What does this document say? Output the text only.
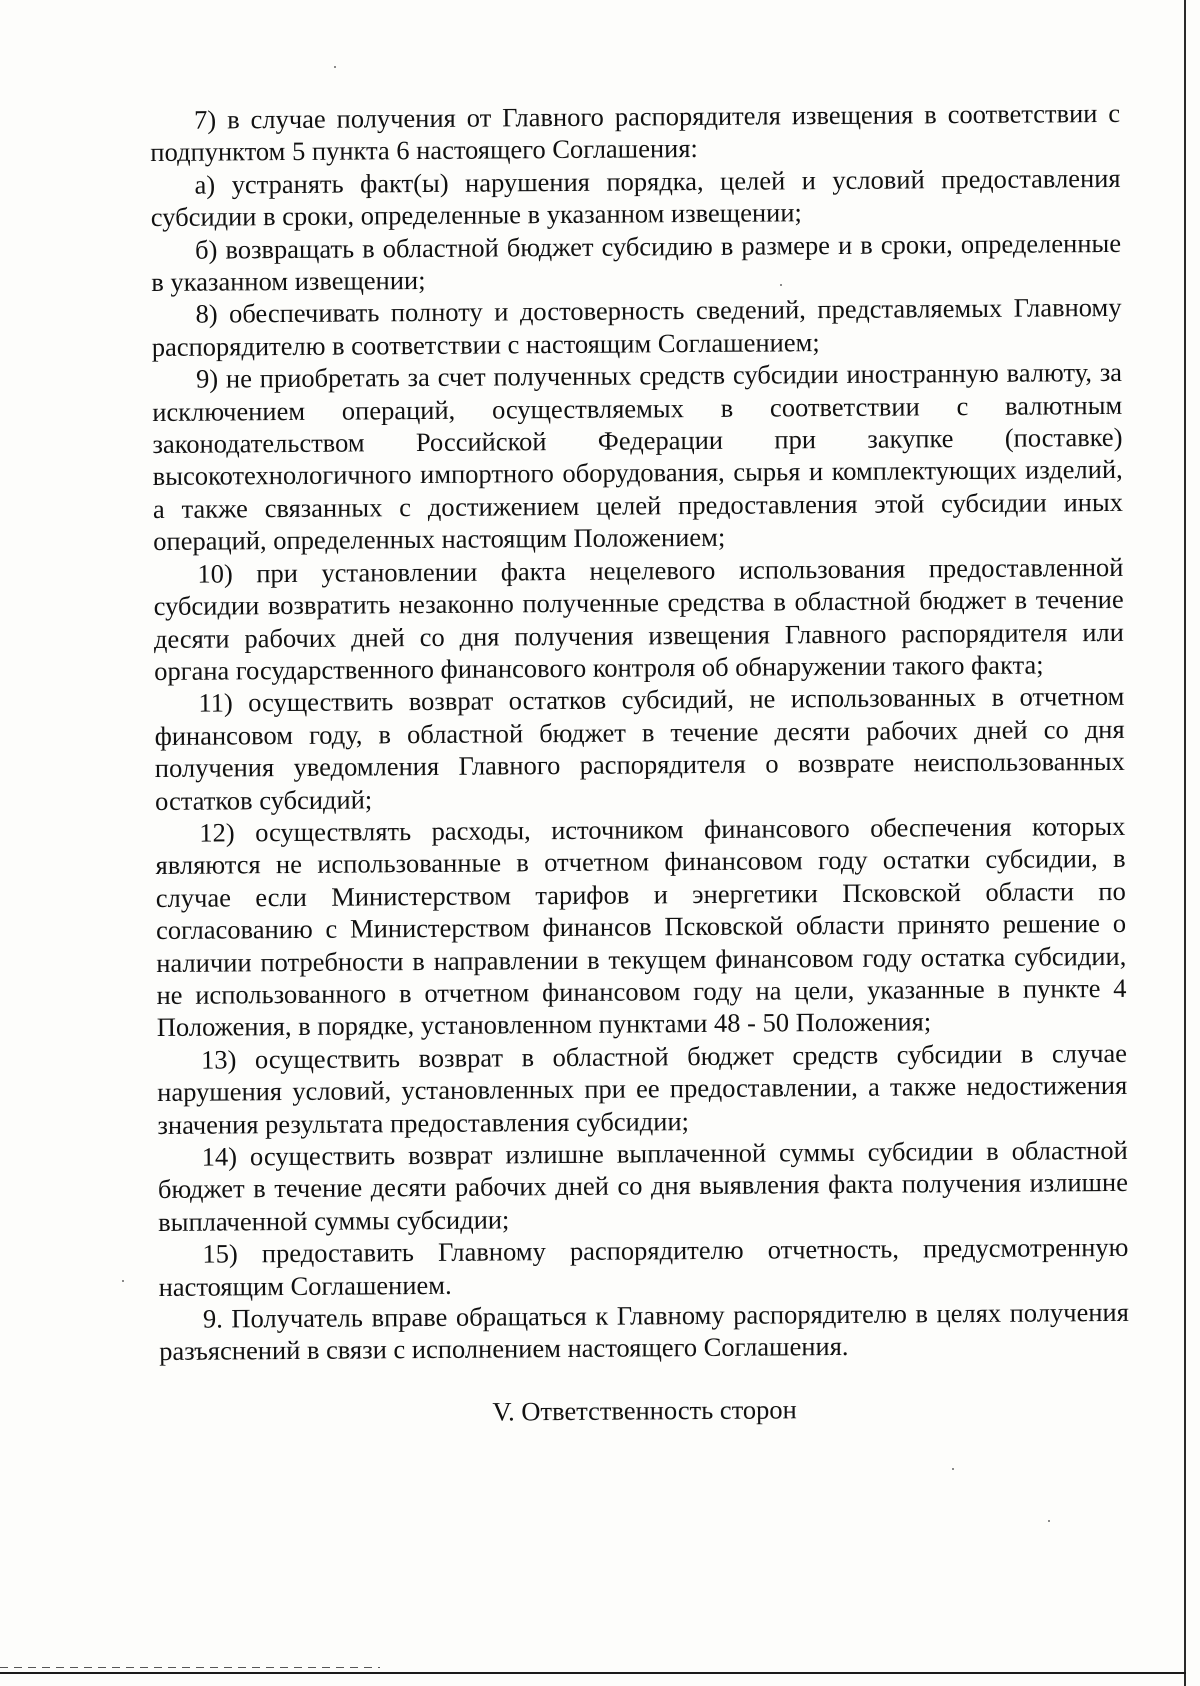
7) в случае получения от Главного распорядителя извещения в соответствии с подпунктом 5 пункта 6 настоящего Соглашения:

а) устранять факт(ы) нарушения порядка, целей и условий предоставления субсидии в сроки, определенные в указанном извещении;

б) возвращать в областной бюджет субсидию в размере и в сроки, определенные в указанном извещении;

8) обеспечивать полноту и достоверность сведений, представляемых Главному распорядителю в соответствии с настоящим Соглашением;

9) не приобретать за счет полученных средств субсидии иностранную валюту, за исключением операций, осуществляемых в соответствии с валютным законодательством Российской Федерации при закупке (поставке) высокотехнологичного импортного оборудования, сырья и комплектующих изделий, а также связанных с достижением целей предоставления этой субсидии иных операций, определенных настоящим Положением;

10) при установлении факта нецелевого использования предоставленной субсидии возвратить незаконно полученные средства в областной бюджет в течение десяти рабочих дней со дня получения извещения Главного распорядителя или органа государственного финансового контроля об обнаружении такого факта;

11) осуществить возврат остатков субсидий, не использованных в отчетном финансовом году, в областной бюджет в течение десяти рабочих дней со дня получения уведомления Главного распорядителя о возврате неиспользованных остатков субсидий;

12) осуществлять расходы, источником финансового обеспечения которых являются не использованные в отчетном финансовом году остатки субсидии, в случае если Министерством тарифов и энергетики Псковской области по согласованию с Министерством финансов Псковской области принято решение о наличии потребности в направлении в текущем финансовом году остатка субсидии, не использованного в отчетном финансовом году на цели, указанные в пункте 4 Положения, в порядке, установленном пунктами 48 - 50 Положения;

13) осуществить возврат в областной бюджет средств субсидии в случае нарушения условий, установленных при ее предоставлении, а также недостижения значения результата предоставления субсидии;

14) осуществить возврат излишне выплаченной суммы субсидии в областной бюджет в течение десяти рабочих дней со дня выявления факта получения излишне выплаченной суммы субсидии;

15) предоставить Главному распорядителю отчетность, предусмотренную настоящим Соглашением.

9. Получатель вправе обращаться к Главному распорядителю в целях получения разъяснений в связи с исполнением настоящего Соглашения.

V. Ответственность сторон
